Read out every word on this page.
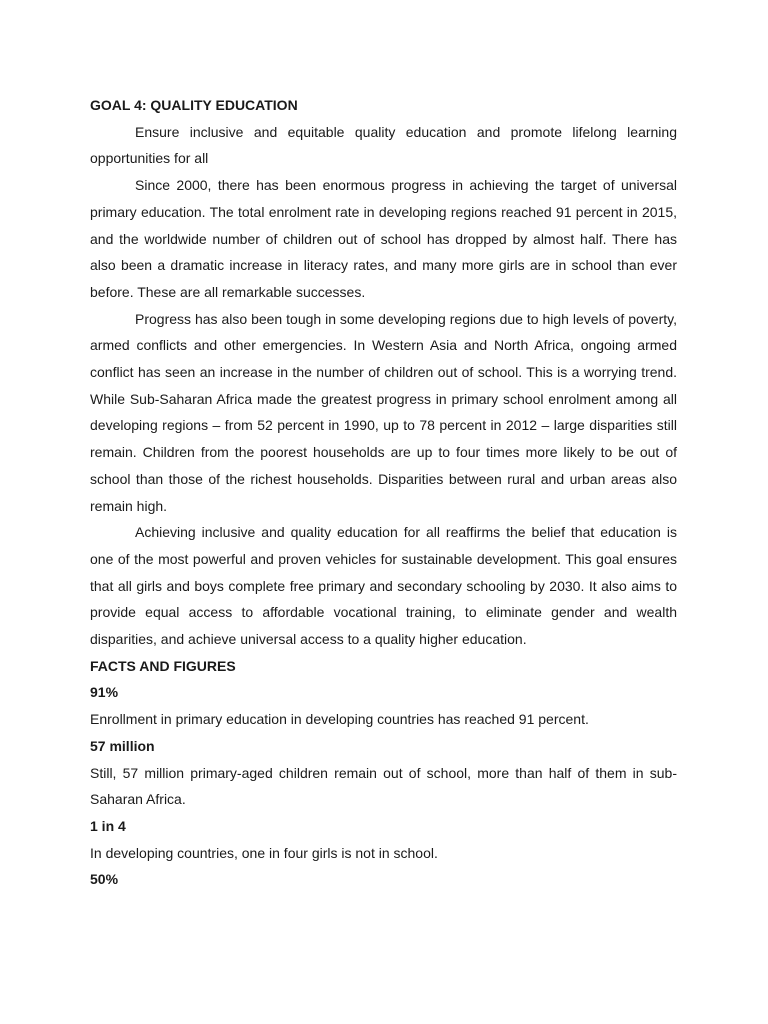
GOAL 4: QUALITY EDUCATION

Ensure inclusive and equitable quality education and promote lifelong learning opportunities for all

Since 2000, there has been enormous progress in achieving the target of universal primary education. The total enrolment rate in developing regions reached 91 percent in 2015, and the worldwide number of children out of school has dropped by almost half. There has also been a dramatic increase in literacy rates, and many more girls are in school than ever before. These are all remarkable successes.

Progress has also been tough in some developing regions due to high levels of poverty, armed conflicts and other emergencies. In Western Asia and North Africa, ongoing armed conflict has seen an increase in the number of children out of school. This is a worrying trend. While Sub-Saharan Africa made the greatest progress in primary school enrolment among all developing regions – from 52 percent in 1990, up to 78 percent in 2012 – large disparities still remain. Children from the poorest households are up to four times more likely to be out of school than those of the richest households. Disparities between rural and urban areas also remain high.

Achieving inclusive and quality education for all reaffirms the belief that education is one of the most powerful and proven vehicles for sustainable development. This goal ensures that all girls and boys complete free primary and secondary schooling by 2030. It also aims to provide equal access to affordable vocational training, to eliminate gender and wealth disparities, and achieve universal access to a quality higher education.

FACTS AND FIGURES

91%

Enrollment in primary education in developing countries has reached 91 percent.

57 million

Still, 57 million primary-aged children remain out of school, more than half of them in sub-Saharan Africa.

1 in 4

In developing countries, one in four girls is not in school.

50%
